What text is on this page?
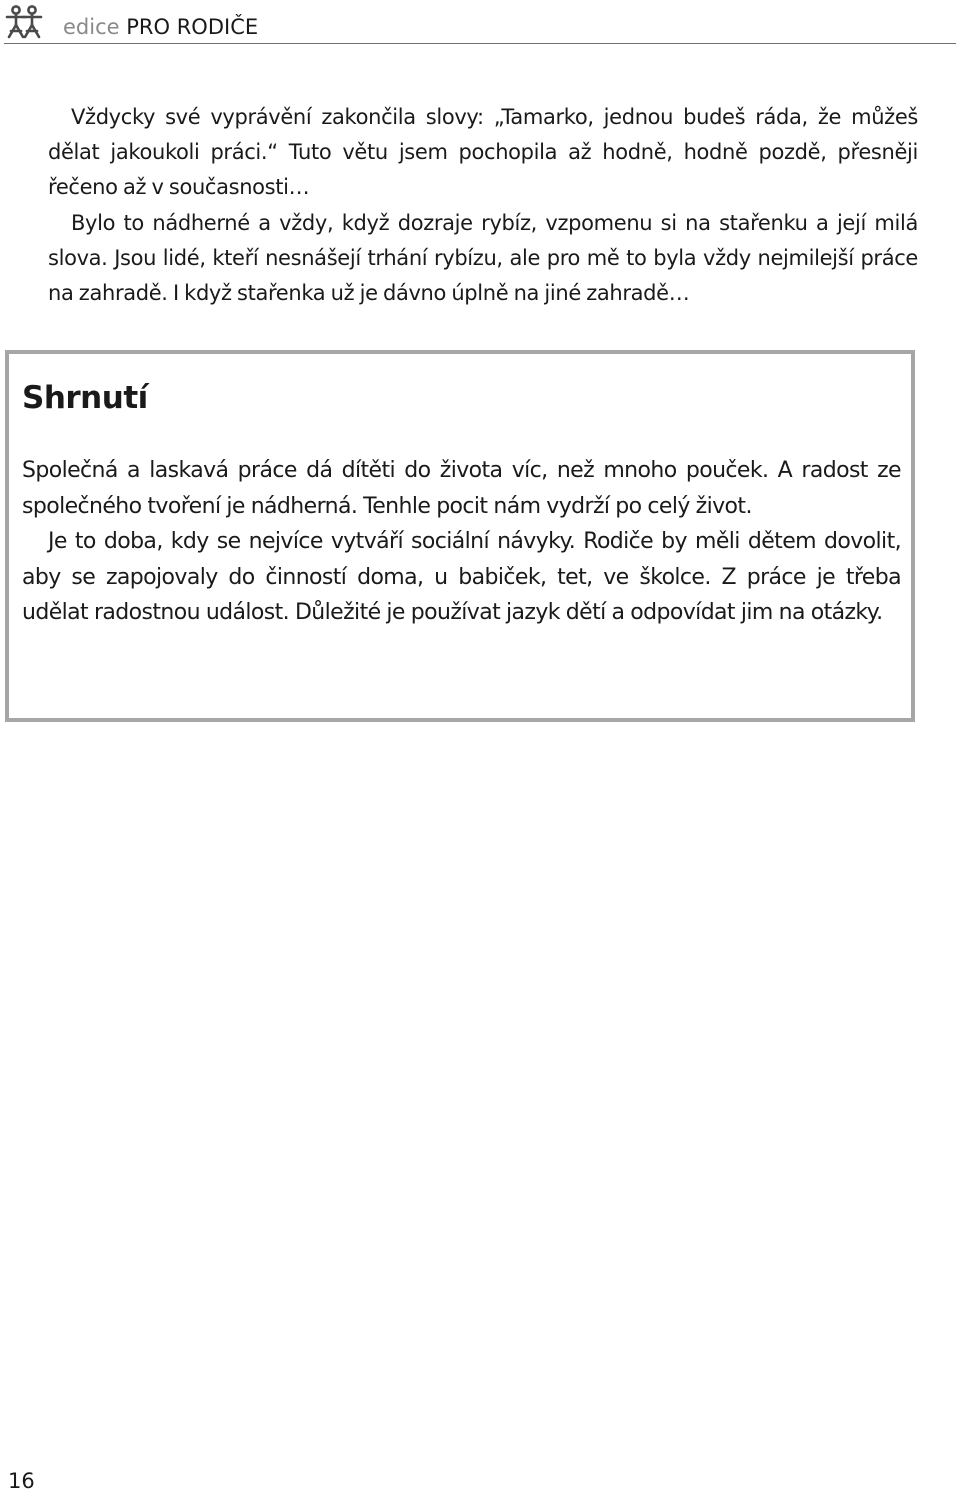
edice PRO RODIČE

Vždycky své vyprávění zakončila slovy: „Tamarko, jednou budeš ráda, že můžeš dělat jakoukoli práci.“ Tuto větu jsem pochopila až hodně, hodně pozdě, přesněji řečeno až v současnosti…

Bylo to nádherné a vždy, když dozraje rybíz, vzpomenu si na stařenku a její milá slova. Jsou lidé, kteří nesnášejí trhání rybízu, ale pro mě to byla vždy nejmilejší práce na zahradě. I když stařenka už je dávno úplně na jiné zahradě…

Shrnutí

Společná a laskavá práce dá dítěti do života víc, než mnoho pouček. A radost ze společného tvoření je nádherná. Tenhle pocit nám vydrží po celý život.

Je to doba, kdy se nejvíce vytváří sociální návyky. Rodiče by měli dětem dovolit, aby se zapojovaly do činností doma, u babiček, tet, ve školce. Z práce je třeba udělat radostnou událost. Důležité je používat jazyk dětí a odpovídat jim na otázky.

16
